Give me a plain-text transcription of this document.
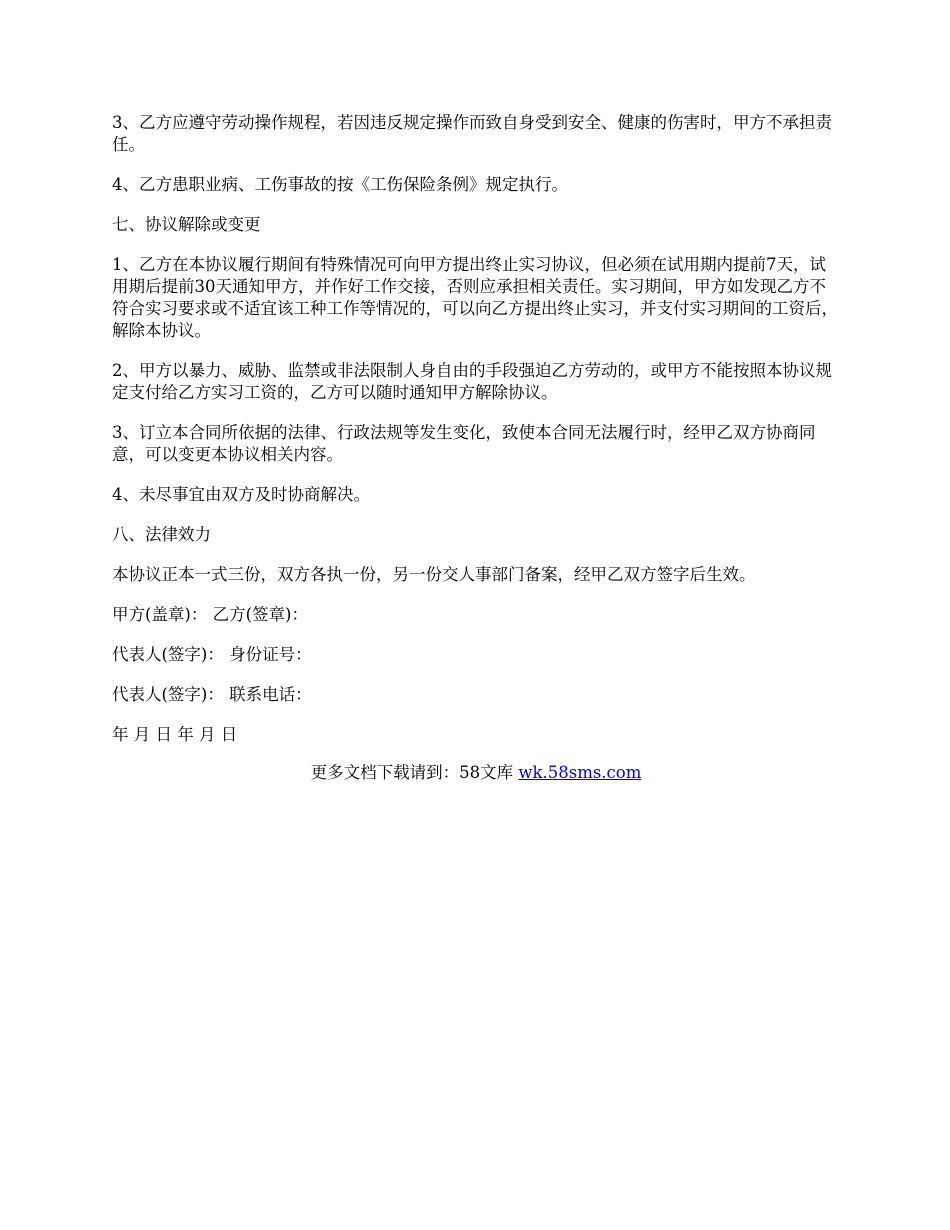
3、乙方应遵守劳动操作规程，若因违反规定操作而致自身受到安全、健康的伤害时，甲方不承担责任。

4、乙方患职业病、工伤事故的按《工伤保险条例》规定执行。

七、协议解除或变更

1、乙方在本协议履行期间有特殊情况可向甲方提出终止实习协议，但必须在试用期内提前7天，试用期后提前30天通知甲方，并作好工作交接，否则应承担相关责任。实习期间，甲方如发现乙方不符合实习要求或不适宜该工种工作等情况的，可以向乙方提出终止实习，并支付实习期间的工资后，解除本协议。

2、甲方以暴力、威胁、监禁或非法限制人身自由的手段强迫乙方劳动的，或甲方不能按照本协议规定支付给乙方实习工资的，乙方可以随时通知甲方解除协议。

3、订立本合同所依据的法律、行政法规等发生变化，致使本合同无法履行时，经甲乙双方协商同意，可以变更本协议相关内容。

4、未尽事宜由双方及时协商解决。

八、法律效力

本协议正本一式三份，双方各执一份，另一份交人事部门备案，经甲乙双方签字后生效。

甲方(盖章)： 乙方(签章)：

代表人(签字)： 身份证号：

代表人(签字)： 联系电话：

年 月 日 年 月 日

更多文档下载请到：58文库 wk.58sms.com
